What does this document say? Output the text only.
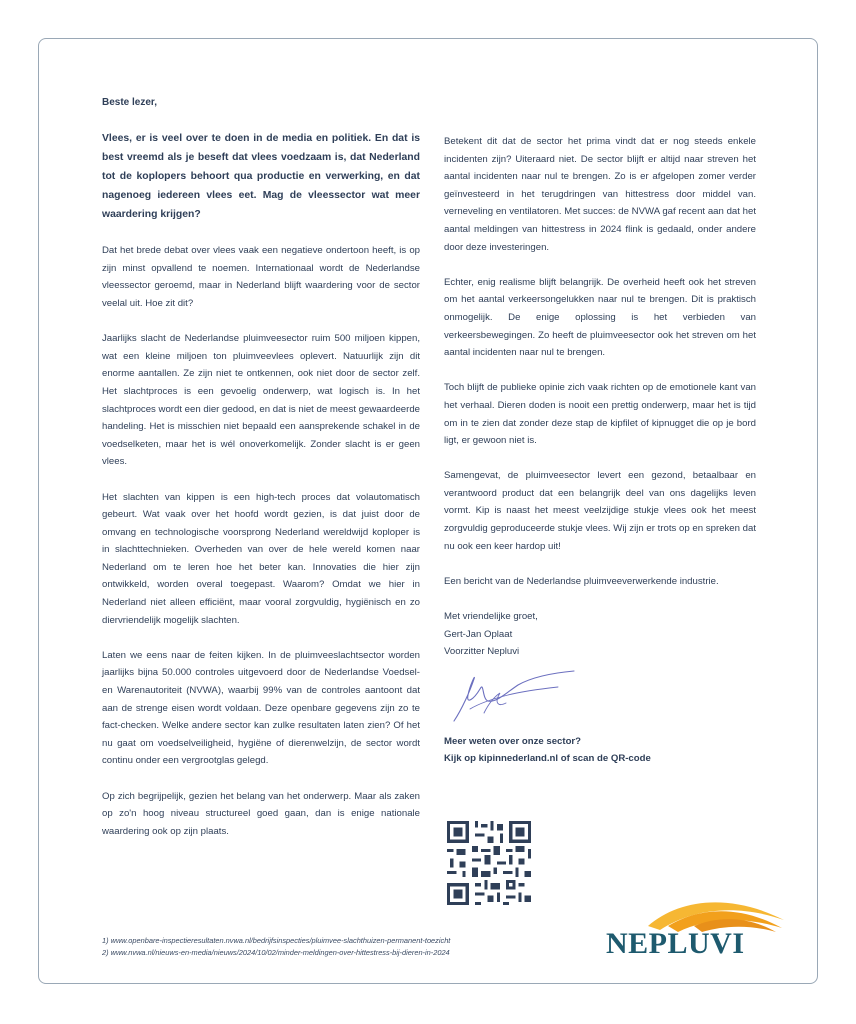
Beste lezer,

Vlees, er is veel over te doen in de media en politiek. En dat is best vreemd als je beseft dat vlees voedzaam is, dat Nederland tot de koplopers behoort qua productie en verwerking, en dat nagenoeg iedereen vlees eet. Mag de vleessector wat meer waardering krijgen?

Dat het brede debat over vlees vaak een negatieve ondertoon heeft, is op zijn minst opvallend te noemen. Internationaal wordt de Nederlandse vleessector geroemd, maar in Nederland blijft waardering voor de sector veelal uit. Hoe zit dit?

Jaarlijks slacht de Nederlandse pluimveesector ruim 500 miljoen kippen, wat een kleine miljoen ton pluimveevlees oplevert. Natuurlijk zijn dit enorme aantallen. Ze zijn niet te ontkennen, ook niet door de sector zelf. Het slachtproces is een gevoelig onderwerp, wat logisch is. In het slachtproces wordt een dier gedood, en dat is niet de meest gewaardeerde handeling. Het is misschien niet bepaald een aansprekende schakel in de voedselketen, maar het is wél onoverkomelijk. Zonder slacht is er geen vlees.

Het slachten van kippen is een high-tech proces dat volautomatisch gebeurt. Wat vaak over het hoofd wordt gezien, is dat juist door de omvang en technologische voorsprong Nederland wereldwijd koploper is in slachttechnieken. Overheden van over de hele wereld komen naar Nederland om te leren hoe het beter kan. Innovaties die hier zijn ontwikkeld, worden overal toegepast. Waarom? Omdat we hier in Nederland niet alleen efficiënt, maar vooral zorgvuldig, hygiënisch en zo diervriendelijk mogelijk slachten.

Laten we eens naar de feiten kijken. In de pluimveeslachtsector worden jaarlijks bijna 50.000 controles uitgevoerd door de Nederlandse Voedsel- en Warenautoriteit (NVWA), waarbij 99% van de controles aantoont dat aan de strenge eisen wordt voldaan. Deze openbare gegevens zijn zo te fact-checken. Welke andere sector kan zulke resultaten laten zien? Of het nu gaat om voedselveiligheid, hygiëne of dierenwelzijn, de sector wordt continu onder een vergrootglas gelegd.

Op zich begrijpelijk, gezien het belang van het onderwerp. Maar als zaken op zo'n hoog niveau structureel goed gaan, dan is enige nationale waardering ook op zijn plaats.

Betekent dit dat de sector het prima vindt dat er nog steeds enkele incidenten zijn? Uiteraard niet. De sector blijft er altijd naar streven het aantal incidenten naar nul te brengen. Zo is er afgelopen zomer verder geïnvesteerd in het terugdringen van hittestress door middel van. verneveling en ventilatoren. Met succes: de NVWA gaf recent aan dat het aantal meldingen van hittestress in 2024 flink is gedaald, onder andere door deze investeringen.

Echter, enig realisme blijft belangrijk. De overheid heeft ook het streven om het aantal verkeersongelukken naar nul te brengen. Dit is praktisch onmogelijk. De enige oplossing is het verbieden van verkeersbewegingen. Zo heeft de pluimveesector ook het streven om het aantal incidenten naar nul te brengen.

Toch blijft de publieke opinie zich vaak richten op de emotionele kant van het verhaal. Dieren doden is nooit een prettig onderwerp, maar het is tijd om in te zien dat zonder deze stap de kipfilet of kipnugget die op je bord ligt, er gewoon niet is.

Samengevat, de pluimveesector levert een gezond, betaalbaar en verantwoord product dat een belangrijk deel van ons dagelijks leven vormt. Kip is naast het meest veelzijdige stukje vlees ook het meest zorgvuldig geproduceerde stukje vlees. Wij zijn er trots op en spreken dat nu ook een keer hardop uit!

Een bericht van de Nederlandse pluimveeverwerkende industrie.

Met vriendelijke groet,

Gert-Jan Oplaat

Voorzitter Nepluvi

Meer weten over onze sector?

Kijk op kipinnederland.nl of scan de QR-code

1) www.openbare-inspectieresultaten.nvwa.nl/bedrijfsinspecties/pluimvee-slachthuizen-permanent-toezicht
2) www.nvwa.nl/nieuws-en-media/nieuws/2024/10/02/minder-meldingen-over-hittestress-bij-dieren-in-2024	NEPLUVI
